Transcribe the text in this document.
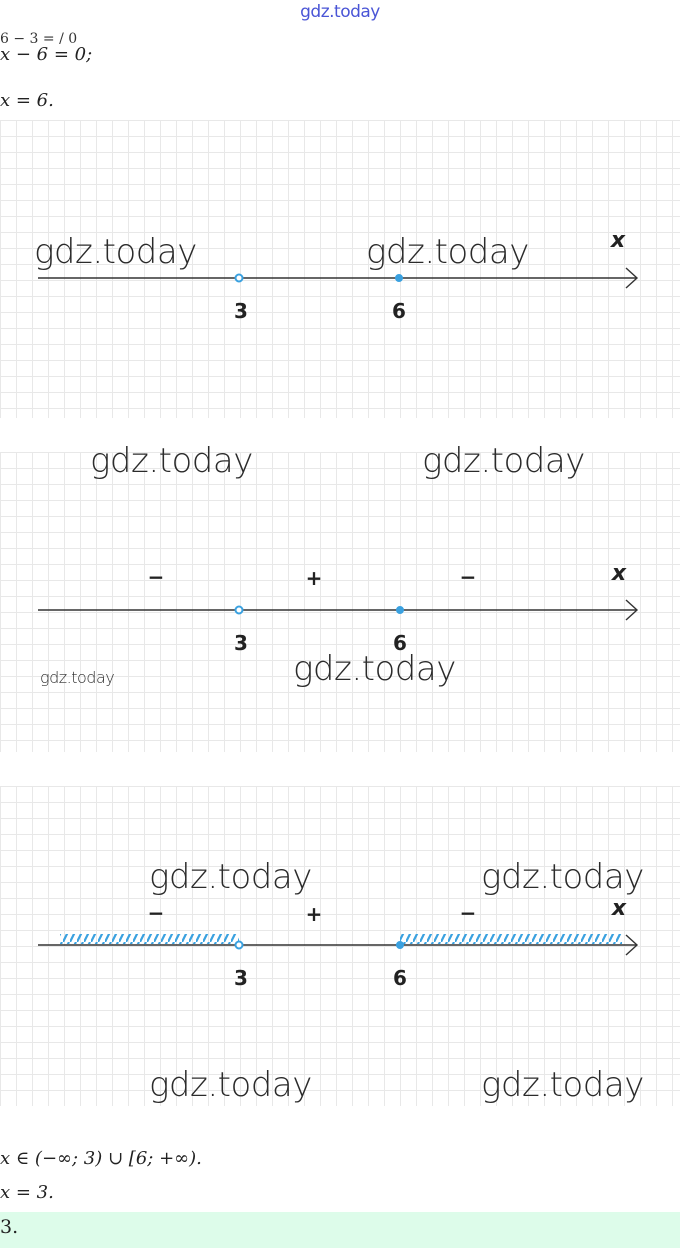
gdz.today
6 − 3 = / 0
x − 6 = 0;
x = 6.
3	6
x
gdz.today	gdz.today
3	6
x
−	+	−
gdz.today	gdz.today
gdz.today
gdz.today
3	6
x
−	+	−
gdz.today	gdz.today
gdz.today	gdz.today
x ∈ (−∞; 3) ∪ [6; +∞).
x = 3.
3.
